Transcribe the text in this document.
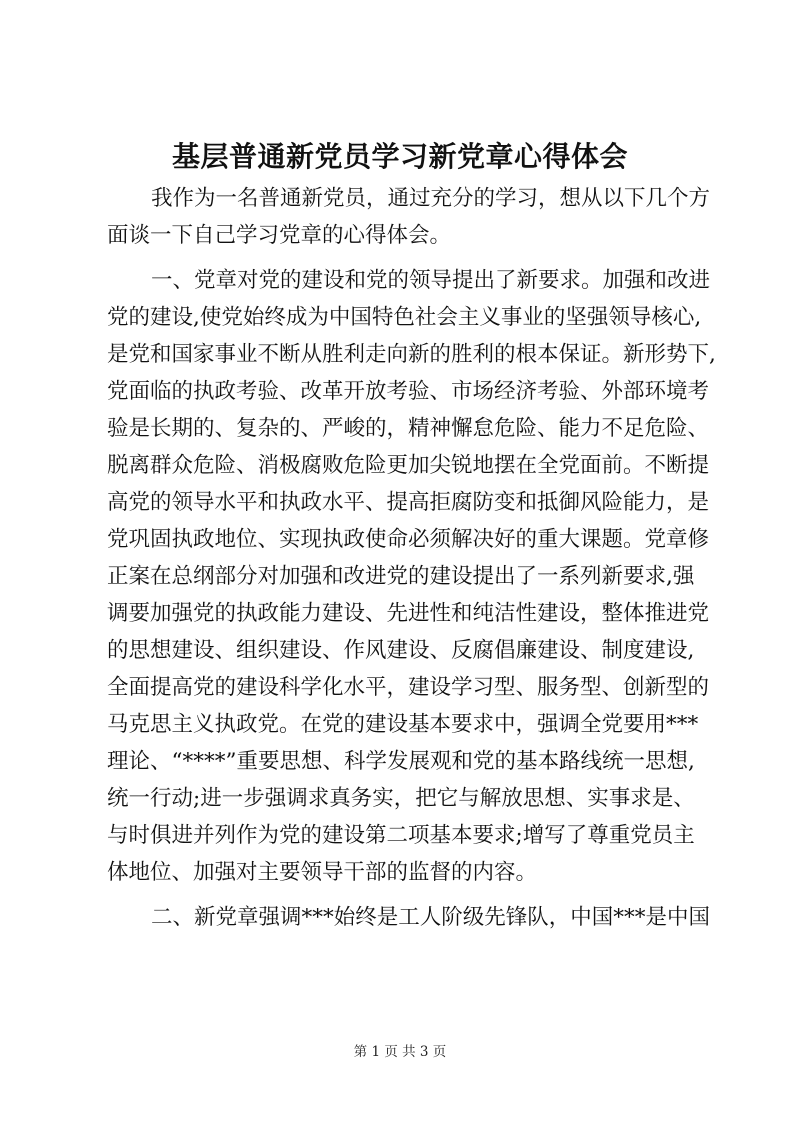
基层普通新党员学习新党章心得体会
我作为一名普通新党员，通过充分的学习，想从以下几个方
面谈一下自己学习党章的心得体会。
一、党章对党的建设和党的领导提出了新要求。加强和改进
党的建设,使党始终成为中国特色社会主义事业的坚强领导核心,
是党和国家事业不断从胜利走向新的胜利的根本保证。新形势下,
党面临的执政考验、改革开放考验、市场经济考验、外部环境考
验是长期的、复杂的、严峻的，精神懈怠危险、能力不足危险、
脱离群众危险、消极腐败危险更加尖锐地摆在全党面前。不断提
高党的领导水平和执政水平、提高拒腐防变和抵御风险能力，是
党巩固执政地位、实现执政使命必须解决好的重大课题。党章修
正案在总纲部分对加强和改进党的建设提出了一系列新要求,强
调要加强党的执政能力建设、先进性和纯洁性建设，整体推进党
的思想建设、组织建设、作风建设、反腐倡廉建设、制度建设,
全面提高党的建设科学化水平，建设学习型、服务型、创新型的
马克思主义执政党。在党的建设基本要求中，强调全党要用***
理论、“****”重要思想、科学发展观和党的基本路线统一思想,
统一行动;进一步强调求真务实，把它与解放思想、实事求是、
与时俱进并列作为党的建设第二项基本要求;增写了尊重党员主
体地位、加强对主要领导干部的监督的内容。
二、新党章强调***始终是工人阶级先锋队，中国***是中国
第 1 页 共 3 页
